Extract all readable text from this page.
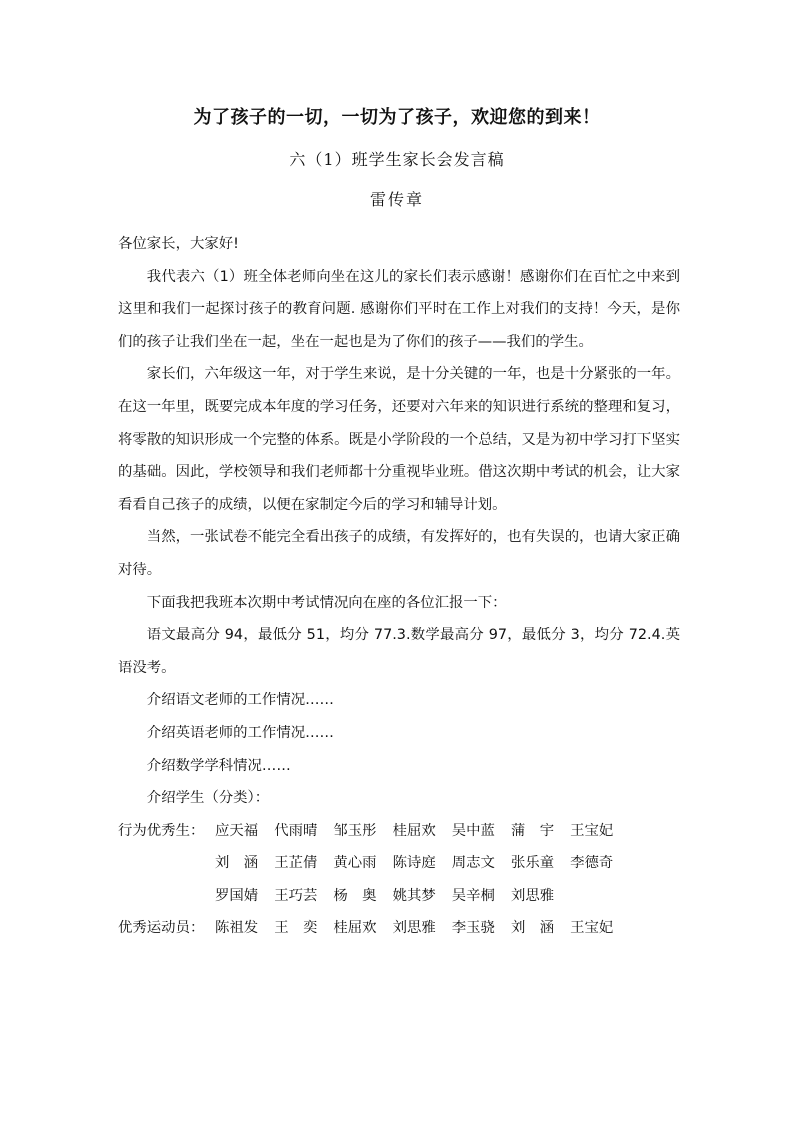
为了孩子的一切，一切为了孩子，欢迎您的到来！
六（1）班学生家长会发言稿
雷传章

各位家长，大家好!

我代表六（1）班全体老师向坐在这儿的家长们表示感谢！感谢你们在百忙之中来到这里和我们一起探讨孩子的教育问题. 感谢你们平时在工作上对我们的支持！今天，是你们的孩子让我们坐在一起，坐在一起也是为了你们的孩子——我们的学生。

家长们，六年级这一年，对于学生来说，是十分关键的一年，也是十分紧张的一年。在这一年里，既要完成本年度的学习任务，还要对六年来的知识进行系统的整理和复习，将零散的知识形成一个完整的体系。既是小学阶段的一个总结，又是为初中学习打下坚实的基础。因此，学校领导和我们老师都十分重视毕业班。借这次期中考试的机会，让大家看看自己孩子的成绩，以便在家制定今后的学习和辅导计划。

当然，一张试卷不能完全看出孩子的成绩，有发挥好的，也有失误的，也请大家正确对待。

下面我把我班本次期中考试情况向在座的各位汇报一下：

语文最高分 94，最低分 51，均分 77.3.数学最高分 97，最低分 3，均分 72.4.英语没考。

介绍语文老师的工作情况……

介绍英语老师的工作情况……

介绍数学学科情况……

介绍学生（分类）：

行为优秀生： 应天福 代雨晴 邹玉彤 桂屈欢 吴中蓝 蒲　宇 王宝妃
刘　涵 王芷倩 黄心雨 陈诗庭 周志文 张乐童 李德奇
罗国婧 王巧芸 杨　奥 姚其梦 吴辛桐 刘思雅
优秀运动员： 陈祖发 王　奕 桂屈欢 刘思雅 李玉骁 刘　涵 王宝妃
